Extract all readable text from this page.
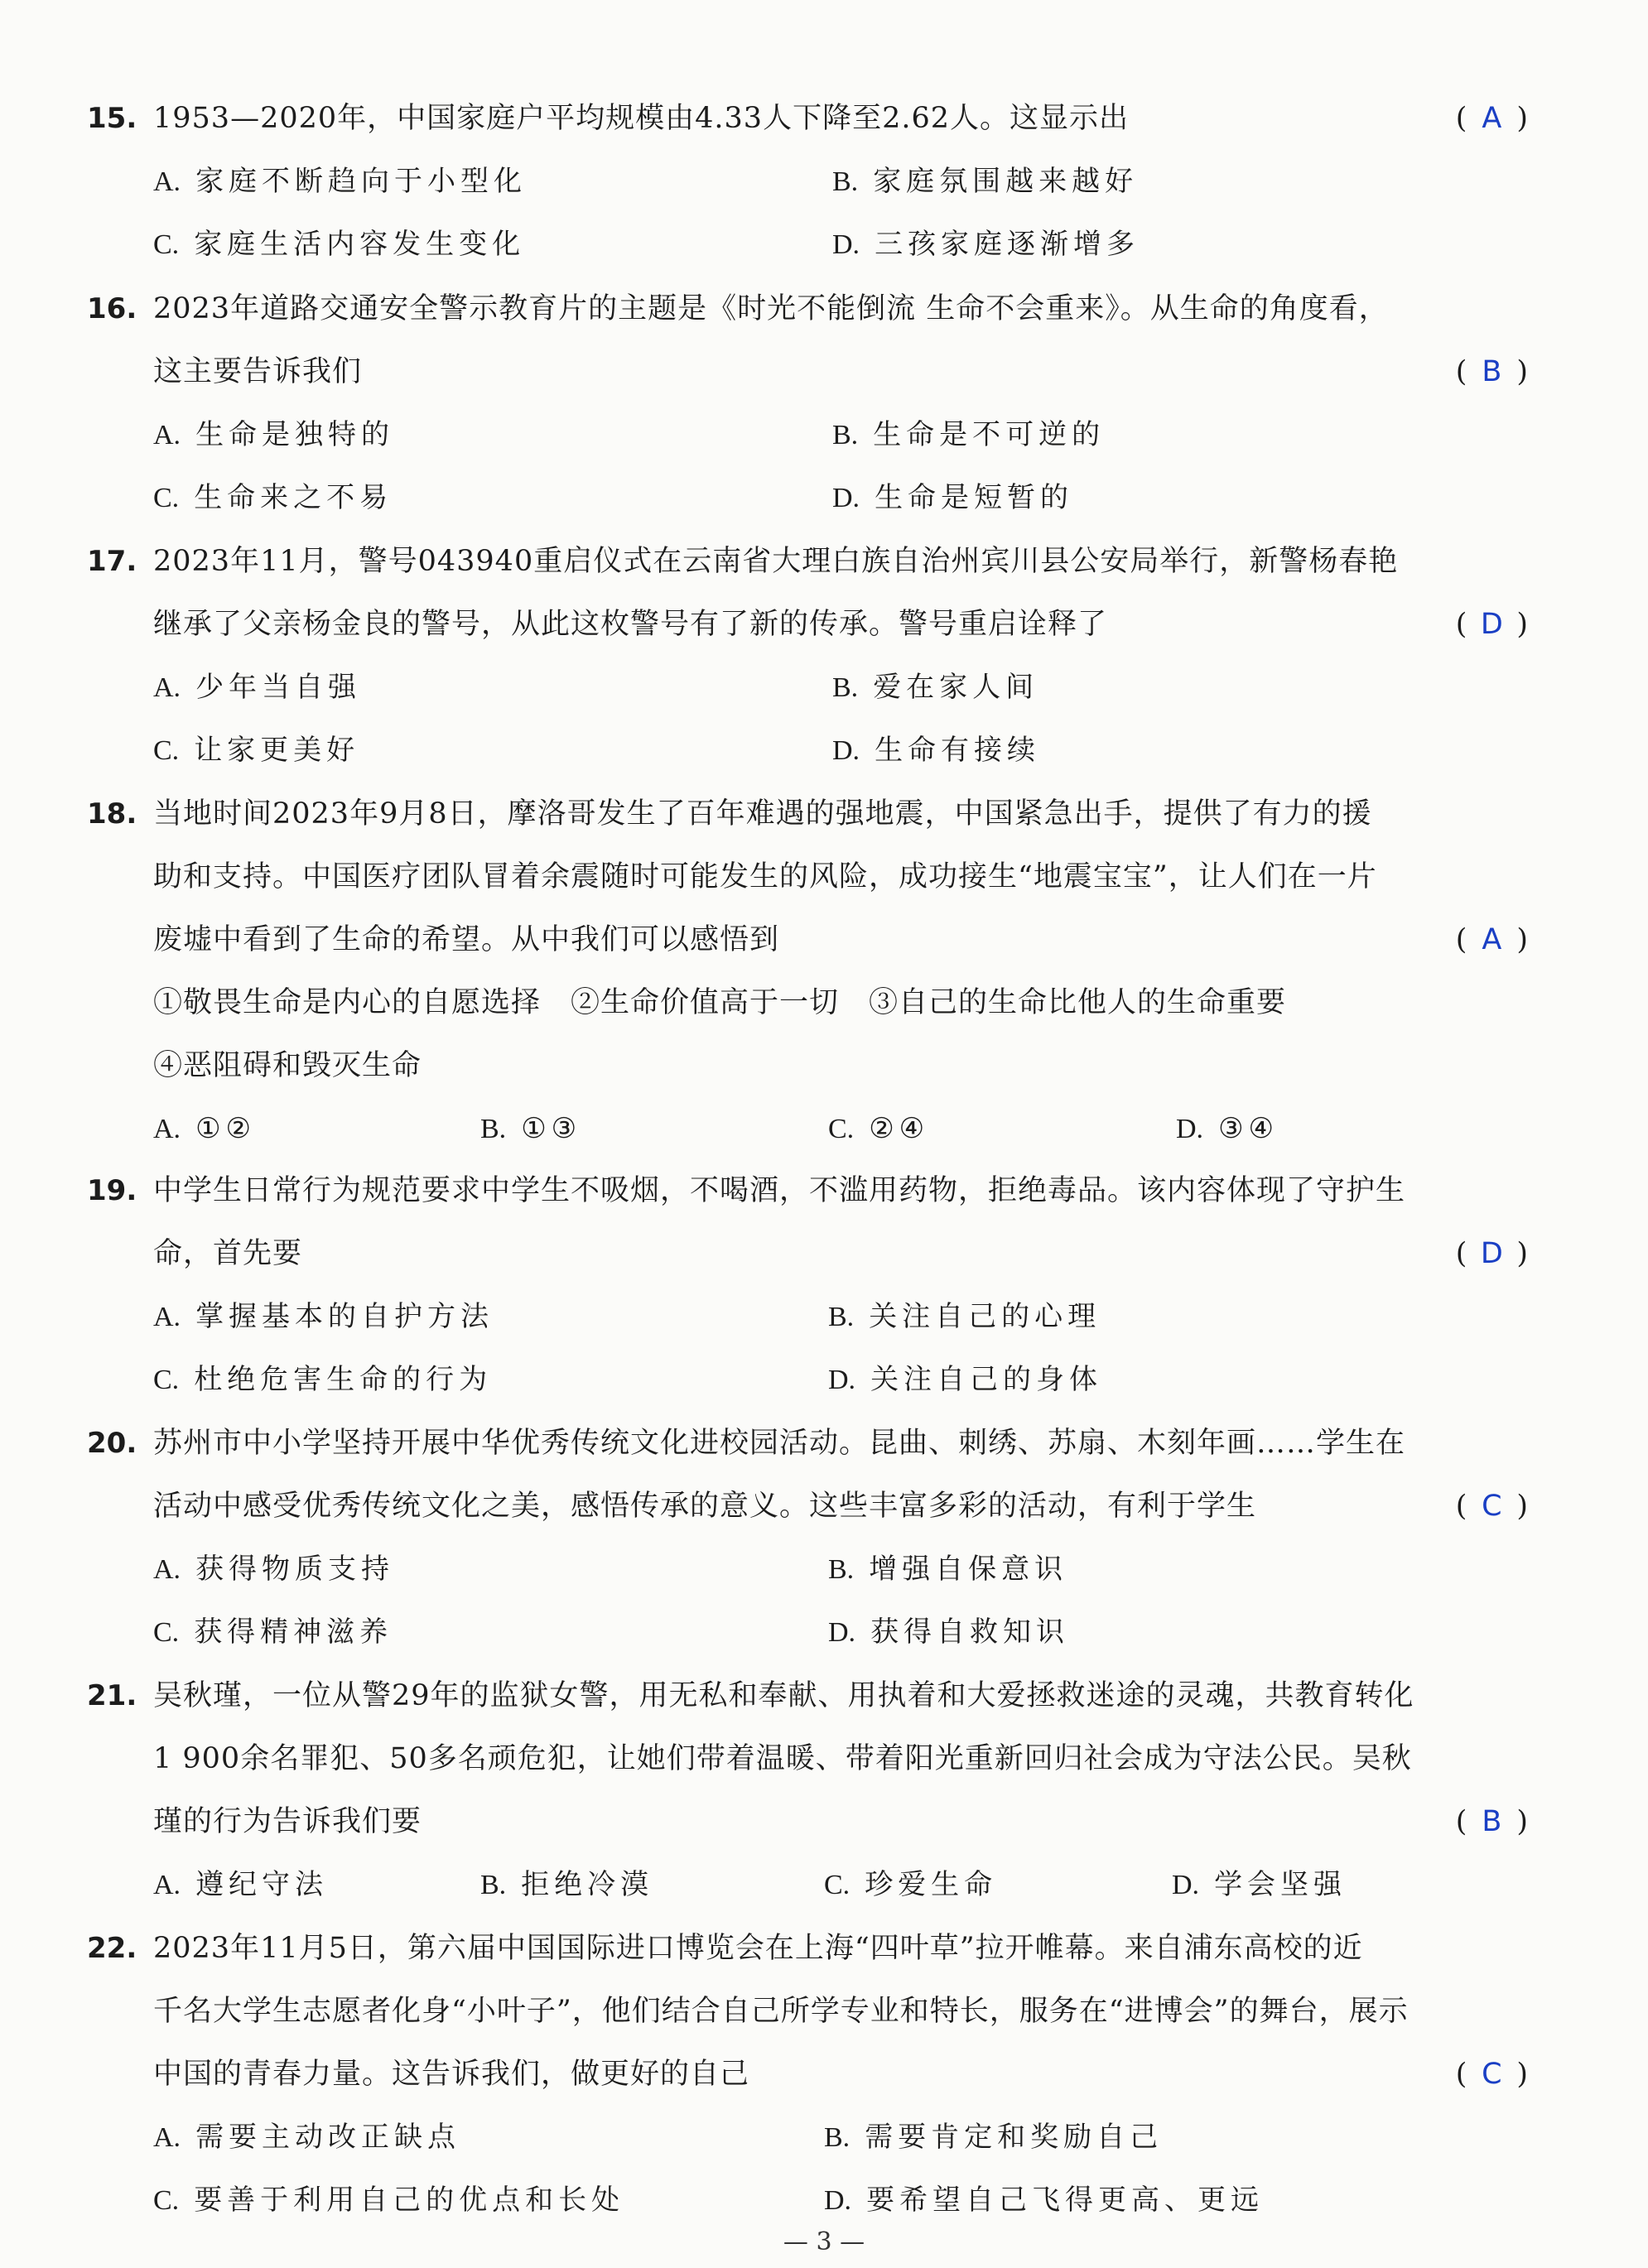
15. 1953—2020年，中国家庭户平均规模由4.33人下降至2.62人。这显示出	( A )
A. 家庭不断趋向于小型化	B. 家庭氛围越来越好
C. 家庭生活内容发生变化	D. 三孩家庭逐渐增多
16. 2023年道路交通安全警示教育片的主题是《时光不能倒流 生命不会重来》。从生命的角度看，
这主要告诉我们	( B )
A. 生命是独特的	B. 生命是不可逆的
C. 生命来之不易	D. 生命是短暂的
17. 2023年11月，警号043940重启仪式在云南省大理白族自治州宾川县公安局举行，新警杨春艳
继承了父亲杨金良的警号，从此这枚警号有了新的传承。警号重启诠释了	( D )
A. 少年当自强	B. 爱在家人间
C. 让家更美好	D. 生命有接续
18. 当地时间2023年9月8日，摩洛哥发生了百年难遇的强地震，中国紧急出手，提供了有力的援
助和支持。中国医疗团队冒着余震随时可能发生的风险，成功接生“地震宝宝”，让人们在一片
废墟中看到了生命的希望。从中我们可以感悟到
①敬畏生命是内心的自愿选择　②生命价值高于一切　③自己的生命比他人的生命重要
④恶阻碍和毁灭生命
( A )
A. ①②	B. ①③	C. ②④	D. ③④
19. 中学生日常行为规范要求中学生不吸烟，不喝酒，不滥用药物，拒绝毒品。该内容体现了守护生
命，首先要	( D )
A. 掌握基本的自护方法	B. 关注自己的心理
C. 杜绝危害生命的行为	D. 关注自己的身体
20. 苏州市中小学坚持开展中华优秀传统文化进校园活动。昆曲、刺绣、苏扇、木刻年画……学生在
活动中感受优秀传统文化之美，感悟传承的意义。这些丰富多彩的活动，有利于学生	( C )
A. 获得物质支持	B. 增强自保意识
C. 获得精神滋养	D. 获得自救知识
21. 吴秋瑾，一位从警29年的监狱女警，用无私和奉献、用执着和大爱拯救迷途的灵魂，共教育转化
1 900余名罪犯、50多名顽危犯，让她们带着温暖、带着阳光重新回归社会成为守法公民。吴秋
瑾的行为告诉我们要	( B )
A. 遵纪守法	B. 拒绝冷漠	C. 珍爱生命	D. 学会坚强
22. 2023年11月5日，第六届中国国际进口博览会在上海“四叶草”拉开帷幕。来自浦东高校的近
千名大学生志愿者化身“小叶子”，他们结合自己所学专业和特长，服务在“进博会”的舞台，展示
中国的青春力量。这告诉我们，做更好的自己	( C )
A. 需要主动改正缺点	B. 需要肯定和奖励自己
C. 要善于利用自己的优点和长处	D. 要希望自己飞得更高、更远
— 3 —
